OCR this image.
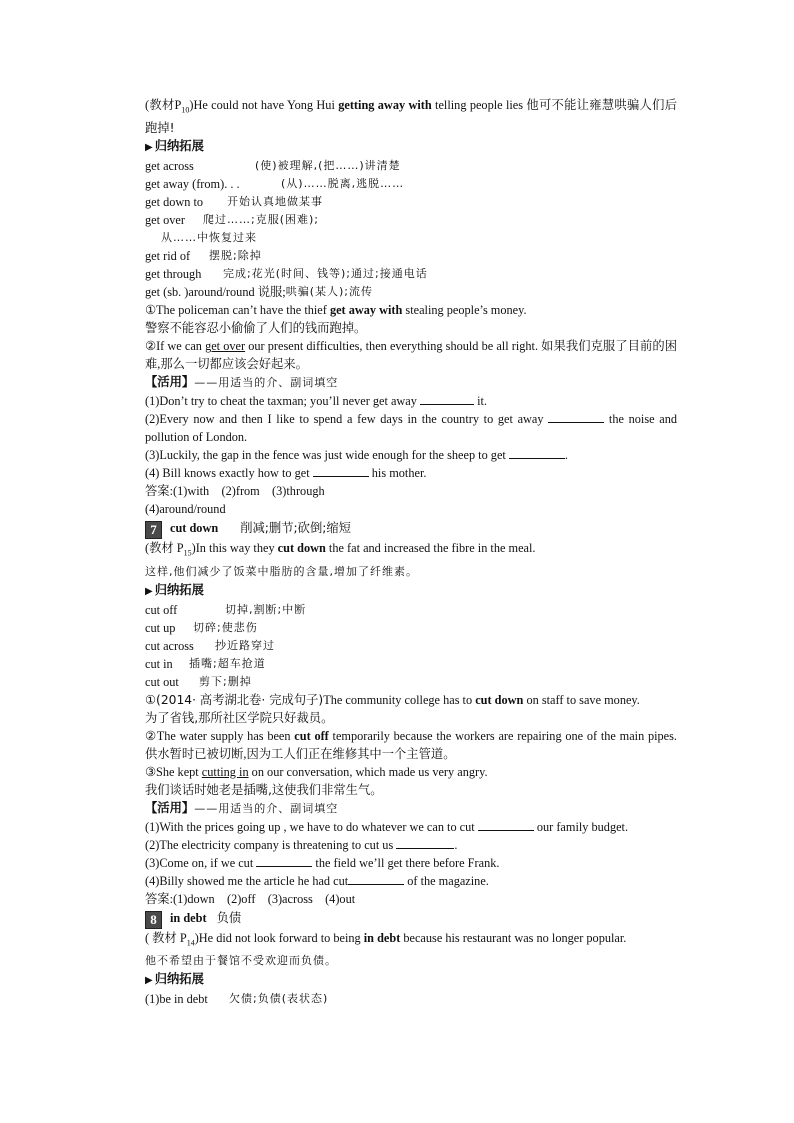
(教材$P_{10})He$ could not have Yong Hui getting away with telling people lies 他可不能让雍慧哄骗人们后跑掉!

▶ 归纳拓展

get across	(使)被理解,(把……)讲清楚
get away (from). . .	(从)……脱离,逃脱……
get down to	开始认真地做某事
get over	爬过……;克服(困难);
从……中恢复过来
get rid of	摆脱;除掉
get through	完成;花光(时间、钱等);通过;接通电话
get (sb. )around/round 说服; 哄骗(某人);流传

①The policeman can’t have the thief get away with stealing people’s money.

警察不能容忍小偷偷了人们的钱而跑掉。

②If we can get over our present difficulties, then everything should be all right. 如果我们克服了目前的困难,那么一切都应该会好起来。

【活用】——用适当的介、副词填空

(1)Don’t try to cheat the taxman; you’ll never get away	it.

(2)Every now and then I like to spend a few days in the country to get away	the noise and pollution of London.

(3)Luckily, the gap in the fence was just wide enough for the sheep to get	.

(4) Bill knows exactly how to get	his mother.

答案:(1)with　(2)from　(3)through

(4)around/round

7 cut down 削减;删节;砍倒;缩短

(教材 $P_{15})In$ this way they cut down the fat and increased the fibre in the meal.

这样,他们减少了饭菜中脂肪的含量,增加了纤维素。

▶ 归纳拓展

cut off	切掉,割断;中断
cut up	切碎;使悲伤
cut across	抄近路穿过
cut in	插嘴;超车抢道
cut out	剪下;删掉

①(2014· 高考湖北卷· 完成句子)The community college has to cut down on staff to save money.

为了省钱,那所社区学院只好裁员。

②The water supply has been cut off temporarily because the workers are repairing one of the main pipes. 供水暂时已被切断,因为工人们正在维修其中一个主管道。

③She kept cutting in on our conversation, which made us very angry.

我们谈话时她老是插嘴,这使我们非常生气。

【活用】——用适当的介、副词填空

(1)With the prices going up , we have to do whatever we can to cut	our family budget.

(2)The electricity company is threatening to cut us	.

(3)Come on, if we cut	the field we’ll get there before Frank.

(4)Billy showed me the article he had cut	of the magazine.

答案:(1)down　(2)off　(3)across　(4)out

8 in debt 负债

( 教材 $P_{14})He$ did not look forward to being in debt because his restaurant was no longer popular.

他不希望由于餐馆不受欢迎而负债。

▶ 归纳拓展

(1)be in debt	欠债;负债(表状态)
